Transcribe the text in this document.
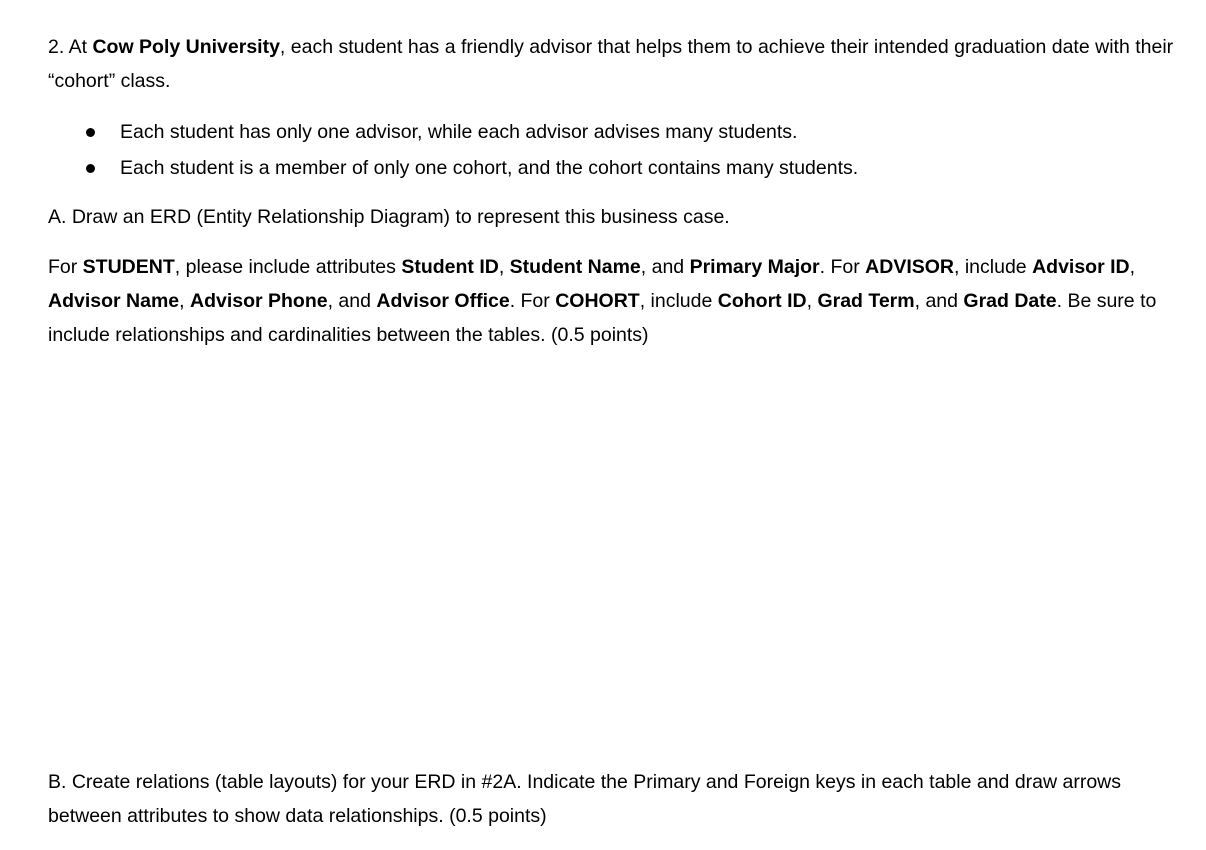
2. At Cow Poly University, each student has a friendly advisor that helps them to achieve their intended graduation date with their “cohort” class.

Each student has only one advisor, while each advisor advises many students.
Each student is a member of only one cohort, and the cohort contains many students.

A. Draw an ERD (Entity Relationship Diagram) to represent this business case.

For STUDENT, please include attributes Student ID, Student Name, and Primary Major. For ADVISOR, include Advisor ID, Advisor Name, Advisor Phone, and Advisor Office. For COHORT, include Cohort ID, Grad Term, and Grad Date. Be sure to include relationships and cardinalities between the tables. (0.5 points)

B. Create relations (table layouts) for your ERD in #2A. Indicate the Primary and Foreign keys in each table and draw arrows between attributes to show data relationships. (0.5 points)
